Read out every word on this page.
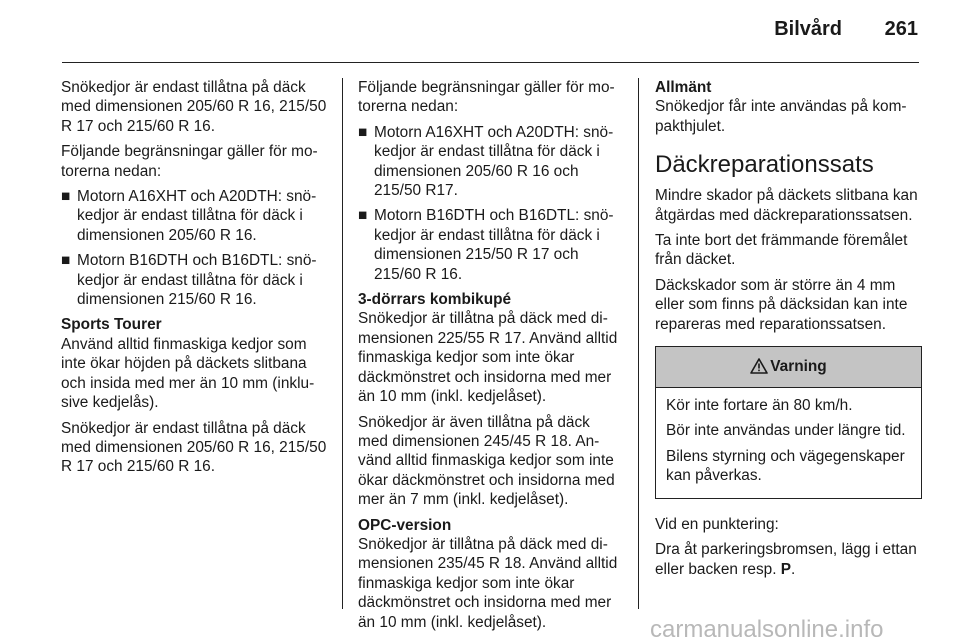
Bilvård 261

Snökedjor är endast tillåtna på däck med dimensionen 205/60 R 16, 215/50 R 17 och 215/60 R 16.

Följande begränsningar gäller för motorerna nedan:

■ Motorn A16XHT och A20DTH: snökedjor är endast tillåtna för däck i dimensionen 205/60 R 16.
■ Motorn B16DTH och B16DTL: snökedjor är endast tillåtna för däck i dimensionen 215/60 R 16.

Sports Tourer

Använd alltid finmaskiga kedjor som inte ökar höjden på däckets slitbana och insida med mer än 10 mm (inklusive kedjelås).

Snökedjor är endast tillåtna på däck med dimensionen 205/60 R 16, 215/50 R 17 och 215/60 R 16.

Följande begränsningar gäller för motorerna nedan:

■ Motorn A16XHT och A20DTH: snökedjor är endast tillåtna för däck i dimensionen 205/60 R 16 och 215/50 R17.
■ Motorn B16DTH och B16DTL: snökedjor är endast tillåtna för däck i dimensionen 215/50 R 17 och 215/60 R 16.

3-dörrars kombikupé

Snökedjor är tillåtna på däck med dimensionen 225/55 R 17. Använd alltid finmaskiga kedjor som inte ökar däckmönstret och insidorna med mer än 10 mm (inkl. kedjelåset).

Snökedjor är även tillåtna på däck med dimensionen 245/45 R 18. Använd alltid finmaskiga kedjor som inte ökar däckmönstret och insidorna med mer än 7 mm (inkl. kedjelåset).

OPC-version

Snökedjor är tillåtna på däck med dimensionen 235/45 R 18. Använd alltid finmaskiga kedjor som inte ökar däckmönstret och insidorna med mer än 10 mm (inkl. kedjelåset).

Allmänt

Snökedjor får inte användas på kompakthjulet.

Däckreparationssats

Mindre skador på däckets slitbana kan åtgärdas med däckreparationssatsen.

Ta inte bort det främmande föremålet från däcket.

Däckskador som är större än 4 mm eller som finns på däcksidan kan inte repareras med reparationssatsen.

Varning

Kör inte fortare än 80 km/h.

Bör inte användas under längre tid.

Bilens styrning och vägegenskaper kan påverkas.

Vid en punktering:

Dra åt parkeringsbromsen, lägg i ettan eller backen resp. P.

carmanualsonline.info
